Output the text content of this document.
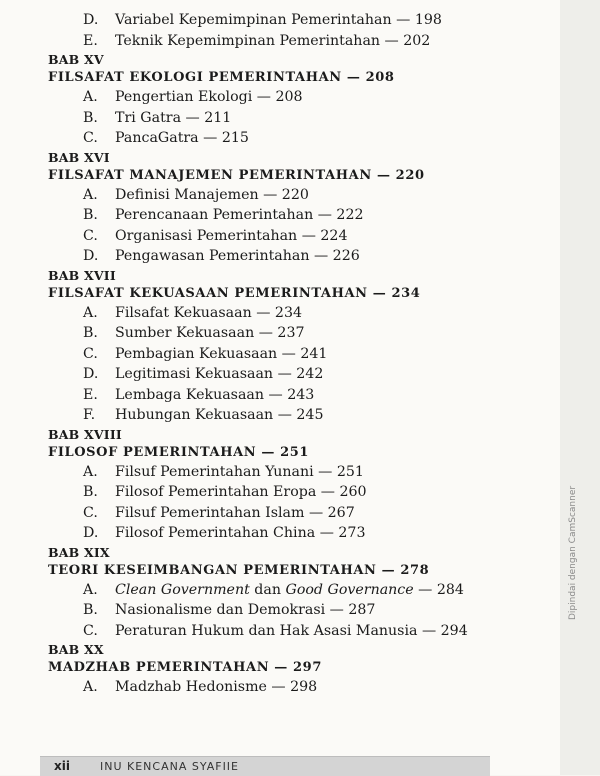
D.	Variabel Kepemimpinan Pemerintahan — 198
E.	Teknik Kepemimpinan Pemerintahan — 202
BAB XV
FILSAFAT EKOLOGI PEMERINTAHAN — 208
A.	Pengertian Ekologi — 208
B.	Tri Gatra — 211
C.	PancaGatra — 215
BAB XVI
FILSAFAT MANAJEMEN PEMERINTAHAN — 220
A.	Definisi Manajemen — 220
B.	Perencanaan Pemerintahan — 222
C.	Organisasi Pemerintahan — 224
D.	Pengawasan Pemerintahan — 226
BAB XVII
FILSAFAT KEKUASAAN PEMERINTAHAN — 234
A.	Filsafat Kekuasaan — 234
B.	Sumber Kekuasaan — 237
C.	Pembagian Kekuasaan — 241
D.	Legitimasi Kekuasaan — 242
E.	Lembaga Kekuasaan — 243
F.	Hubungan Kekuasaan — 245
BAB XVIII
FILOSOF PEMERINTAHAN — 251
A.	Filsuf Pemerintahan Yunani — 251
B.	Filosof Pemerintahan Eropa — 260
C.	Filsuf Pemerintahan Islam — 267
D.	Filosof Pemerintahan China — 273
BAB XIX
TEORI KESEIMBANGAN PEMERINTAHAN — 278
A.	Clean Government dan Good Governance — 284
B.	Nasionalisme dan Demokrasi — 287
C.	Peraturan Hukum dan Hak Asasi Manusia — 294
BAB XX
MADZHAB PEMERINTAHAN — 297
A.	Madzhab Hedonisme — 298
xii	INU KENCANA SYAFIIE
Dipindai dengan CamScanner
